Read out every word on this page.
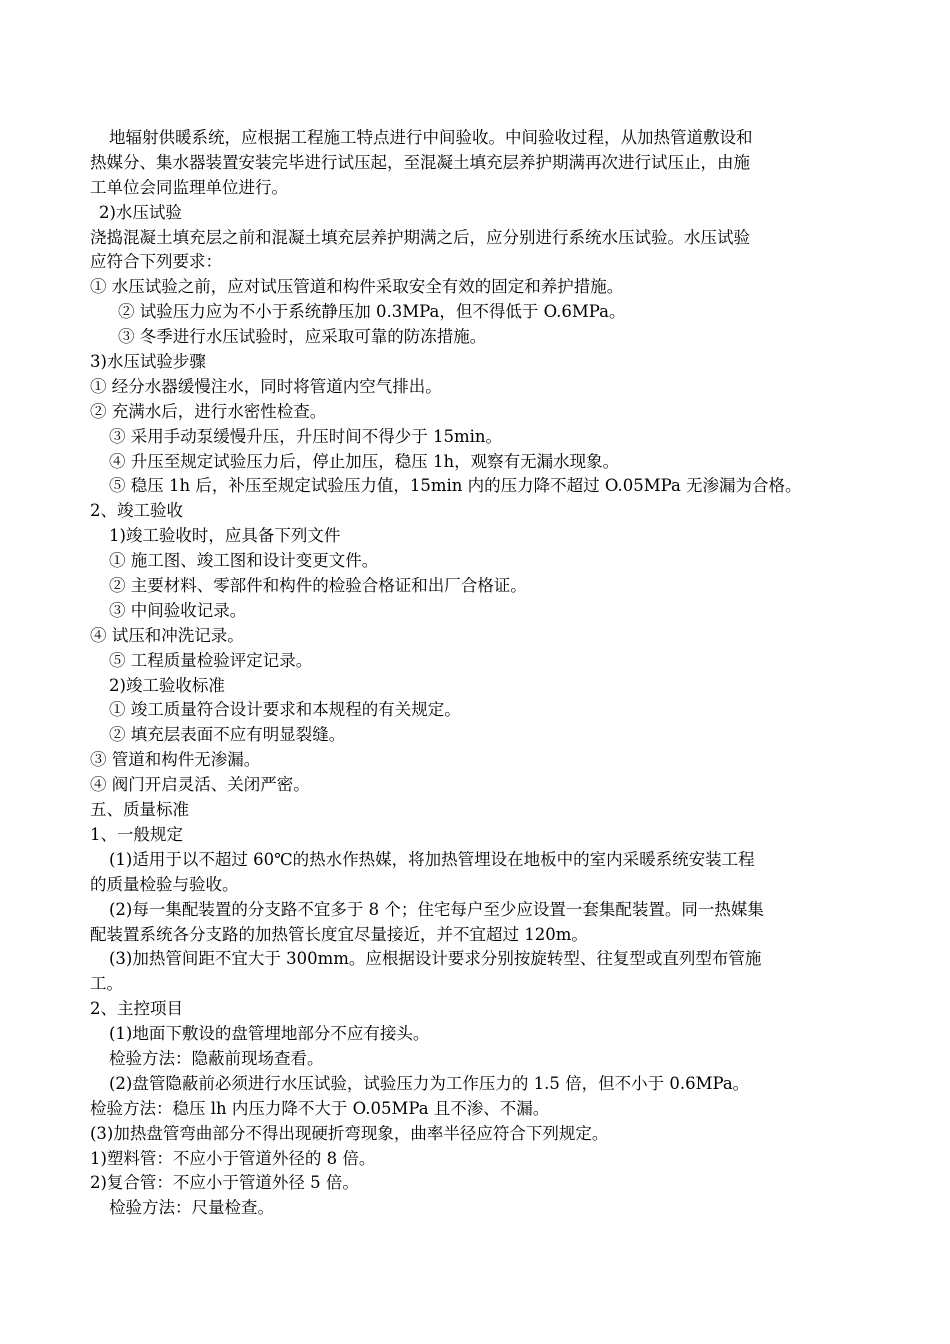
地辐射供暖系统，应根据工程施工特点进行中间验收。中间验收过程，从加热管道敷设和
热媒分、集水器装置安装完毕进行试压起，至混凝土填充层养护期满再次进行试压止，由施
工单位会同监理单位进行。
2)水压试验
浇捣混凝土填充层之前和混凝土填充层养护期满之后，应分别进行系统水压试验。水压试验
应符合下列要求：
① 水压试验之前，应对试压管道和构件采取安全有效的固定和养护措施。
② 试验压力应为不小于系统静压加 0.3MPa，但不得低于 O.6MPa。
③ 冬季进行水压试验时，应采取可靠的防冻措施。
3)水压试验步骤
① 经分水器缓慢注水，同时将管道内空气排出。
② 充满水后，进行水密性检查。
③ 采用手动泵缓慢升压，升压时间不得少于 15min。
④ 升压至规定试验压力后，停止加压，稳压 1h，观察有无漏水现象。
⑤ 稳压 1h 后，补压至规定试验压力值，15min 内的压力降不超过 O.05MPa 无渗漏为合格。
2、竣工验收
1)竣工验收时，应具备下列文件
① 施工图、竣工图和设计变更文件。
② 主要材料、零部件和构件的检验合格证和出厂合格证。
③ 中间验收记录。
④ 试压和冲洗记录。
⑤ 工程质量检验评定记录。
2)竣工验收标准
① 竣工质量符合设计要求和本规程的有关规定。
② 填充层表面不应有明显裂缝。
③ 管道和构件无渗漏。
④ 阀门开启灵活、关闭严密。
五、质量标准
1、一般规定
(1)适用于以不超过 60℃的热水作热媒，将加热管埋设在地板中的室内采暖系统安装工程
的质量检验与验收。
(2)每一集配装置的分支路不宜多于 8 个；住宅每户至少应设置一套集配装置。同一热媒集
配装置系统各分支路的加热管长度宜尽量接近，并不宜超过 120m。
(3)加热管间距不宜大于 300mm。应根据设计要求分别按旋转型、往复型或直列型布管施
工。
2、主控项目
(1)地面下敷设的盘管埋地部分不应有接头。
检验方法：隐蔽前现场查看。
(2)盘管隐蔽前必须进行水压试验，试验压力为工作压力的 1.5 倍，但不小于 0.6MPa。
检验方法：稳压 lh 内压力降不大于 O.05MPa 且不渗、不漏。
(3)加热盘管弯曲部分不得出现硬折弯现象，曲率半径应符合下列规定。
1)塑料管：不应小于管道外径的 8 倍。
2)复合管：不应小于管道外径 5 倍。
检验方法：尺量检查。
